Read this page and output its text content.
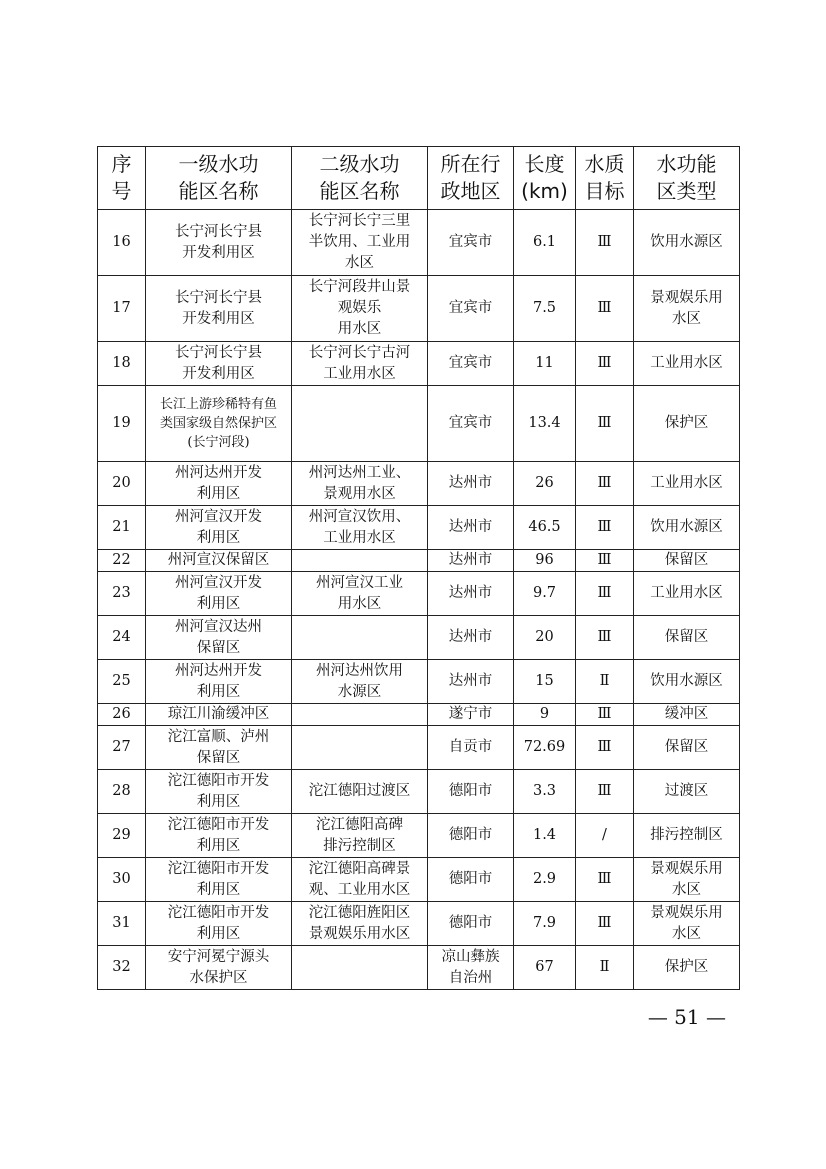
序
号	一级水功
能区名称	二级水功
能区名称	所在行
政地区	长度
(km)	水质
目标	水功能
区类型
16	长宁河长宁县
开发利用区	长宁河长宁三里
半饮用、工业用
水区	宜宾市	6.1	Ⅲ	饮用水源区
17	长宁河长宁县
开发利用区	长宁河段井山景
观娱乐
用水区	宜宾市	7.5	Ⅲ	景观娱乐用
水区
18	长宁河长宁县
开发利用区	长宁河长宁古河
工业用水区	宜宾市	11	Ⅲ	工业用水区
19	长江上游珍稀特有鱼
类国家级自然保护区
(长宁河段)		宜宾市	13.4	Ⅲ	保护区
20	州河达州开发
利用区	州河达州工业、
景观用水区	达州市	26	Ⅲ	工业用水区
21	州河宣汉开发
利用区	州河宣汉饮用、
工业用水区	达州市	46.5	Ⅲ	饮用水源区
22	州河宣汉保留区		达州市	96	Ⅲ	保留区
23	州河宣汉开发
利用区	州河宣汉工业
用水区	达州市	9.7	Ⅲ	工业用水区
24	州河宣汉达州
保留区		达州市	20	Ⅲ	保留区
25	州河达州开发
利用区	州河达州饮用
水源区	达州市	15	Ⅱ	饮用水源区
26	琼江川渝缓冲区		遂宁市	9	Ⅲ	缓冲区
27	沱江富顺、泸州
保留区		自贡市	72.69	Ⅲ	保留区
28	沱江德阳市开发
利用区	沱江德阳过渡区	德阳市	3.3	Ⅲ	过渡区
29	沱江德阳市开发
利用区	沱江德阳高碑
排污控制区	德阳市	1.4	/	排污控制区
30	沱江德阳市开发
利用区	沱江德阳高碑景
观、工业用水区	德阳市	2.9	Ⅲ	景观娱乐用
水区
31	沱江德阳市开发
利用区	沱江德阳旌阳区
景观娱乐用水区	德阳市	7.9	Ⅲ	景观娱乐用
水区
32	安宁河冕宁源头
水保护区		凉山彝族
自治州	67	Ⅱ	保护区
— 51 —
